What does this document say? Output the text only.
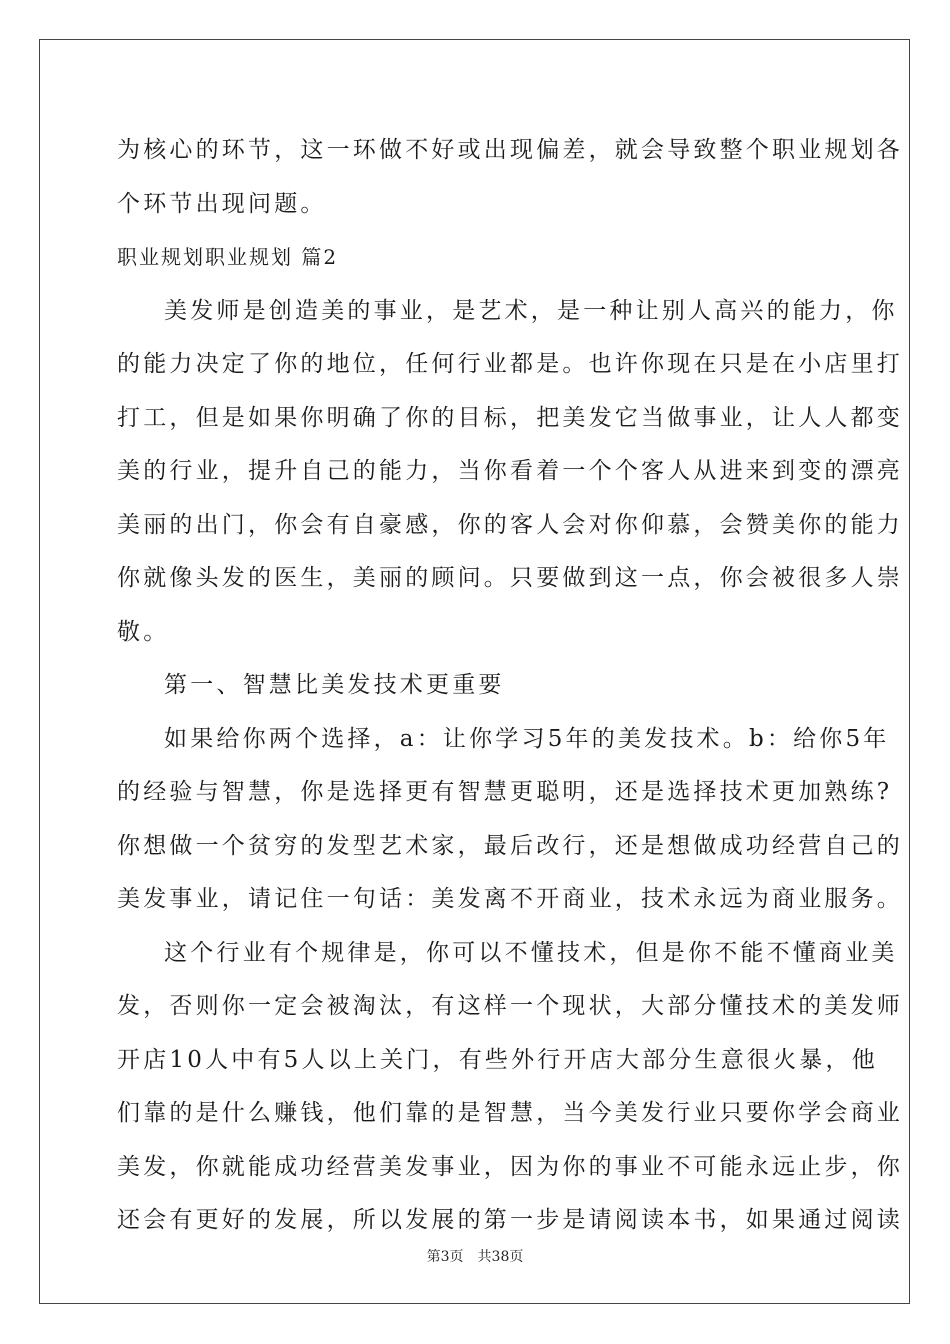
为核心的环节，这一环做不好或出现偏差，就会导致整个职业规划各
个环节出现问题。
职业规划职业规划 篇2
美发师是创造美的事业，是艺术，是一种让别人高兴的能力，你
的能力决定了你的地位，任何行业都是。也许你现在只是在小店里打
打工，但是如果你明确了你的目标，把美发它当做事业，让人人都变
美的行业，提升自己的能力，当你看着一个个客人从进来到变的漂亮
美丽的出门，你会有自豪感，你的客人会对你仰慕，会赞美你的能力
你就像头发的医生，美丽的顾问。只要做到这一点，你会被很多人崇
敬。
第一、智慧比美发技术更重要
如果给你两个选择，a：让你学习5年的美发技术。b：给你5年
的经验与智慧，你是选择更有智慧更聪明，还是选择技术更加熟练?
你想做一个贫穷的发型艺术家，最后改行，还是想做成功经营自己的
美发事业，请记住一句话：美发离不开商业，技术永远为商业服务。
这个行业有个规律是，你可以不懂技术，但是你不能不懂商业美
发，否则你一定会被淘汰，有这样一个现状，大部分懂技术的美发师
开店10人中有5人以上关门，有些外行开店大部分生意很火暴，他
们靠的是什么赚钱，他们靠的是智慧，当今美发行业只要你学会商业
美发，你就能成功经营美发事业，因为你的事业不可能永远止步，你
还会有更好的发展，所以发展的第一步是请阅读本书，如果通过阅读
第3页 共38页
